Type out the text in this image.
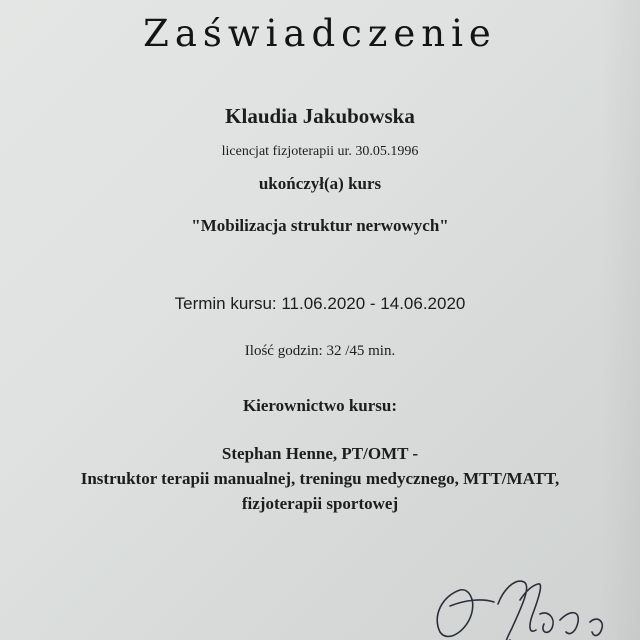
Zaświadczenie
Klaudia Jakubowska
licencjat fizjoterapii ur. 30.05.1996
ukończył(a) kurs
"Mobilizacja struktur nerwowych"
Termin kursu: 11.06.2020 - 14.06.2020
Ilość godzin: 32 /45 min.
Kierownictwo kursu:
Stephan Henne, PT/OMT -
Instruktor terapii manualnej, treningu medycznego, MTT/MATT,
fizjoterapii sportowej
